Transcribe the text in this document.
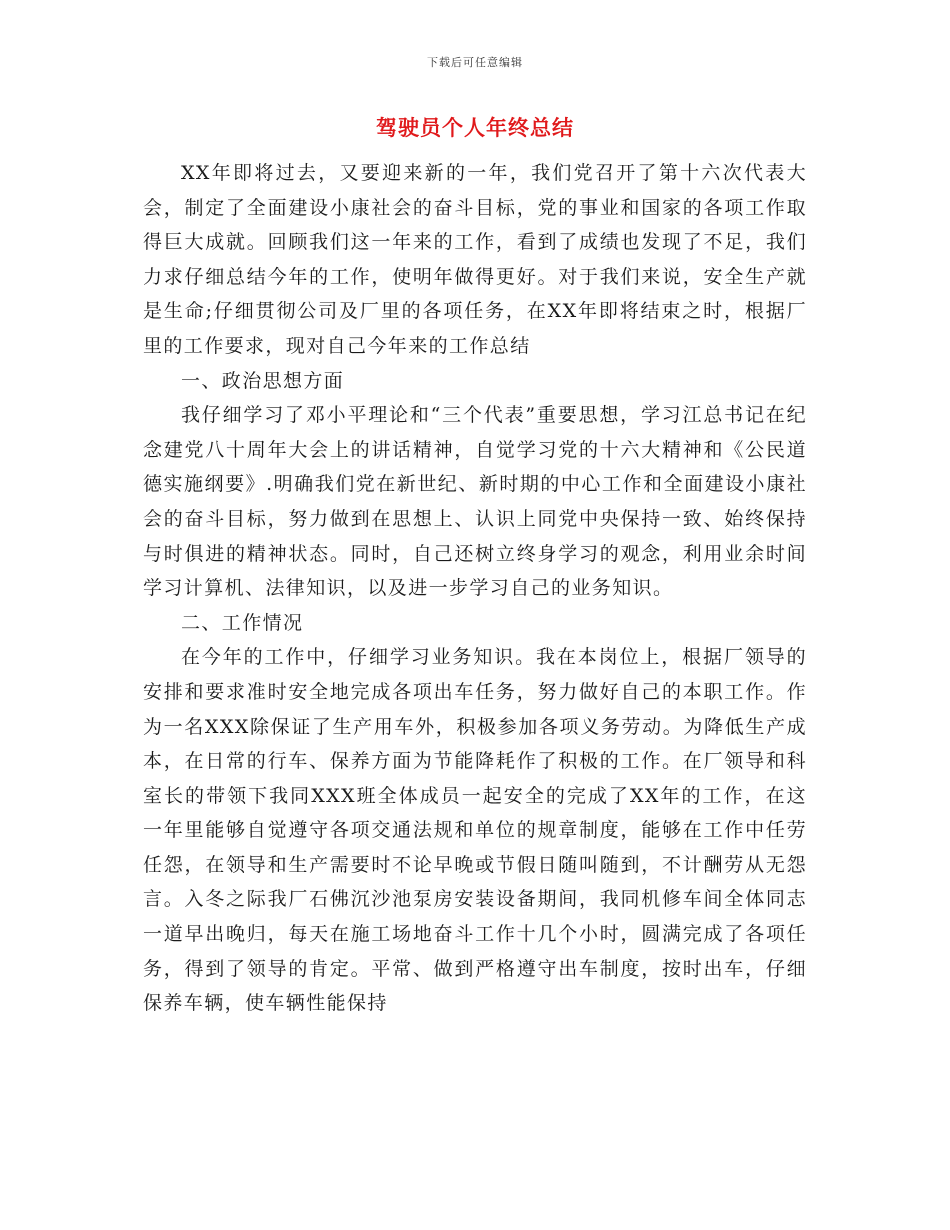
下载后可任意编辑
驾驶员个人年终总结

XX年即将过去，又要迎来新的一年，我们党召开了第十六次代表大会，制定了全面建设小康社会的奋斗目标，党的事业和国家的各项工作取得巨大成就。回顾我们这一年来的工作，看到了成绩也发现了不足，我们力求仔细总结今年的工作，使明年做得更好。对于我们来说，安全生产就是生命;仔细贯彻公司及厂里的各项任务，在XX年即将结束之时，根据厂里的工作要求，现对自己今年来的工作总结

一、政治思想方面

我仔细学习了邓小平理论和“三个代表”重要思想，学习江总书记在纪念建党八十周年大会上的讲话精神，自觉学习党的十六大精神和《公民道德实施纲要》.明确我们党在新世纪、新时期的中心工作和全面建设小康社会的奋斗目标，努力做到在思想上、认识上同党中央保持一致、始终保持与时俱进的精神状态。同时，自己还树立终身学习的观念，利用业余时间学习计算机、法律知识，以及进一步学习自己的业务知识。

二、工作情况

在今年的工作中，仔细学习业务知识。我在本岗位上，根据厂领导的安排和要求准时安全地完成各项出车任务，努力做好自己的本职工作。作为一名XXX除保证了生产用车外，积极参加各项义务劳动。为降低生产成本，在日常的行车、保养方面为节能降耗作了积极的工作。在厂领导和科室长的带领下我同XXX班全体成员一起安全的完成了XX年的工作，在这一年里能够自觉遵守各项交通法规和单位的规章制度，能够在工作中任劳任怨，在领导和生产需要时不论早晚或节假日随叫随到，不计酬劳从无怨言。入冬之际我厂石佛沉沙池泵房安装设备期间，我同机修车间全体同志一道早出晚归，每天在施工场地奋斗工作十几个小时，圆满完成了各项任务，得到了领导的肯定。平常、做到严格遵守出车制度，按时出车，仔细保养车辆，使车辆性能保持
